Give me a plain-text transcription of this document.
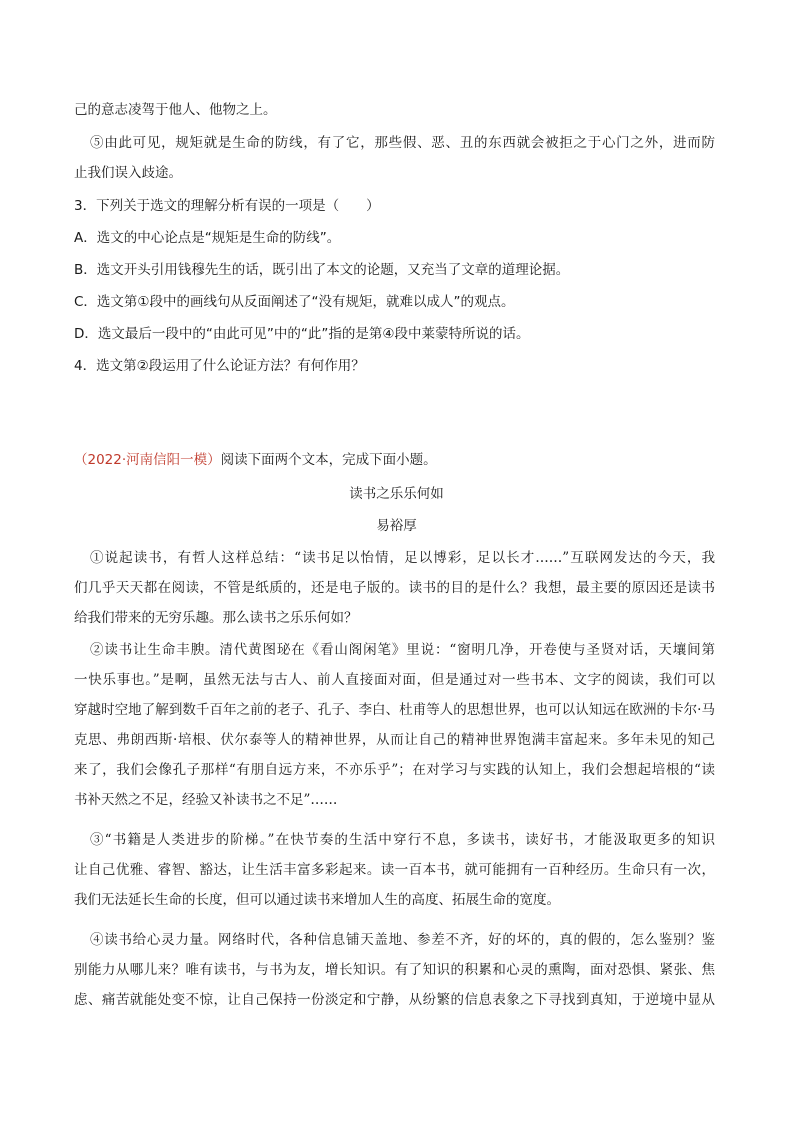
己的意志凌驾于他人、他物之上。
⑤由此可见，规矩就是生命的防线，有了它，那些假、恶、丑的东西就会被拒之于心门之外，进而防
止我们误入歧途。
3．下列关于选文的理解分析有误的一项是（　　）
A．选文的中心论点是“规矩是生命的防线”。
B．选文开头引用钱穆先生的话，既引出了本文的论题，又充当了文章的道理论据。
C．选文第①段中的画线句从反面阐述了“没有规矩，就难以成人”的观点。
D．选文最后一段中的“由此可见”中的“此”指的是第④段中莱蒙特所说的话。
4．选文第②段运用了什么论证方法？有何作用？
（2022·河南信阳一模）阅读下面两个文本，完成下面小题。
读书之乐乐何如
易裕厚
①说起读书，有哲人这样总结：“读书足以怡情，足以博彩，足以长才……”互联网发达的今天，我
们几乎天天都在阅读，不管是纸质的，还是电子版的。读书的目的是什么？我想，最主要的原因还是读书
给我们带来的无穷乐趣。那么读书之乐乐何如？
②读书让生命丰腴。清代黄图珌在《看山阁闲笔》里说：“窗明几净，开卷使与圣贤对话，天壤间第
一快乐事也。”是啊，虽然无法与古人、前人直接面对面，但是通过对一些书本、文字的阅读，我们可以
穿越时空地了解到数千百年之前的老子、孔子、李白、杜甫等人的思想世界，也可以认知远在欧洲的卡尔·马
克思、弗朗西斯·培根、伏尔泰等人的精神世界，从而让自己的精神世界饱满丰富起来。多年未见的知己
来了，我们会像孔子那样“有朋自远方来，不亦乐乎”；在对学习与实践的认知上，我们会想起培根的“读
书补天然之不足，经验又补读书之不足”……
③“书籍是人类进步的阶梯。”在快节奏的生活中穿行不息，多读书，读好书，才能汲取更多的知识
让自己优雅、睿智、豁达，让生活丰富多彩起来。读一百本书，就可能拥有一百种经历。生命只有一次，
我们无法延长生命的长度，但可以通过读书来增加人生的高度、拓展生命的宽度。
④读书给心灵力量。网络时代，各种信息铺天盖地、参差不齐，好的坏的，真的假的，怎么鉴别？鉴
别能力从哪儿来？唯有读书，与书为友，增长知识。有了知识的积累和心灵的熏陶，面对恐惧、紧张、焦
虑、痛苦就能处变不惊，让自己保持一份淡定和宁静，从纷繁的信息表象之下寻找到真知，于逆境中显从
